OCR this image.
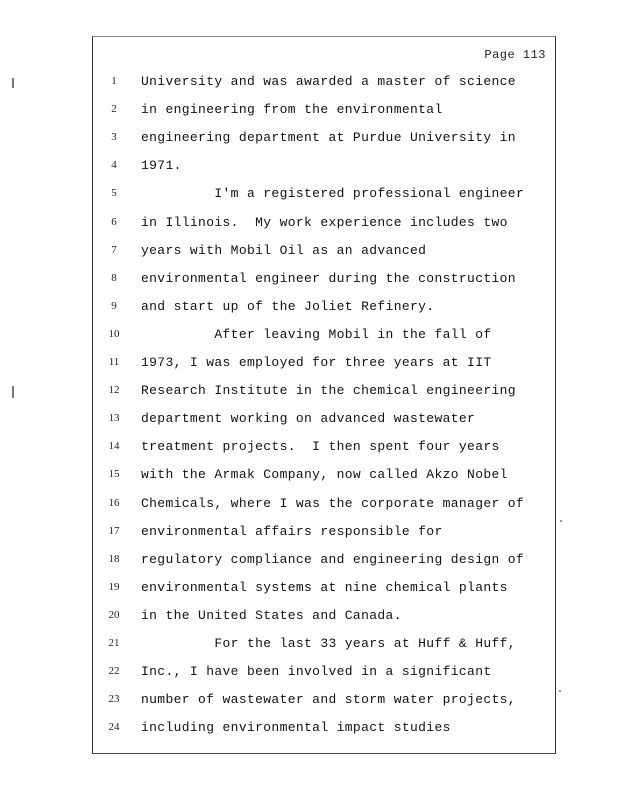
Page 113
1	University and was awarded a master of science
2	in engineering from the environmental
3	engineering department at Purdue University in
4	1971.
5	I'm a registered professional engineer
6	in Illinois.  My work experience includes two
7	years with Mobil Oil as an advanced
8	environmental engineer during the construction
9	and start up of the Joliet Refinery.
10	After leaving Mobil in the fall of
11	1973, I was employed for three years at IIT
12	Research Institute in the chemical engineering
13	department working on advanced wastewater
14	treatment projects.  I then spent four years
15	with the Armak Company, now called Akzo Nobel
16	Chemicals, where I was the corporate manager of
17	environmental affairs responsible for
18	regulatory compliance and engineering design of
19	environmental systems at nine chemical plants
20	in the United States and Canada.
21	For the last 33 years at Huff & Huff,
22	Inc., I have been involved in a significant
23	number of wastewater and storm water projects,
24	including environmental impact studies
